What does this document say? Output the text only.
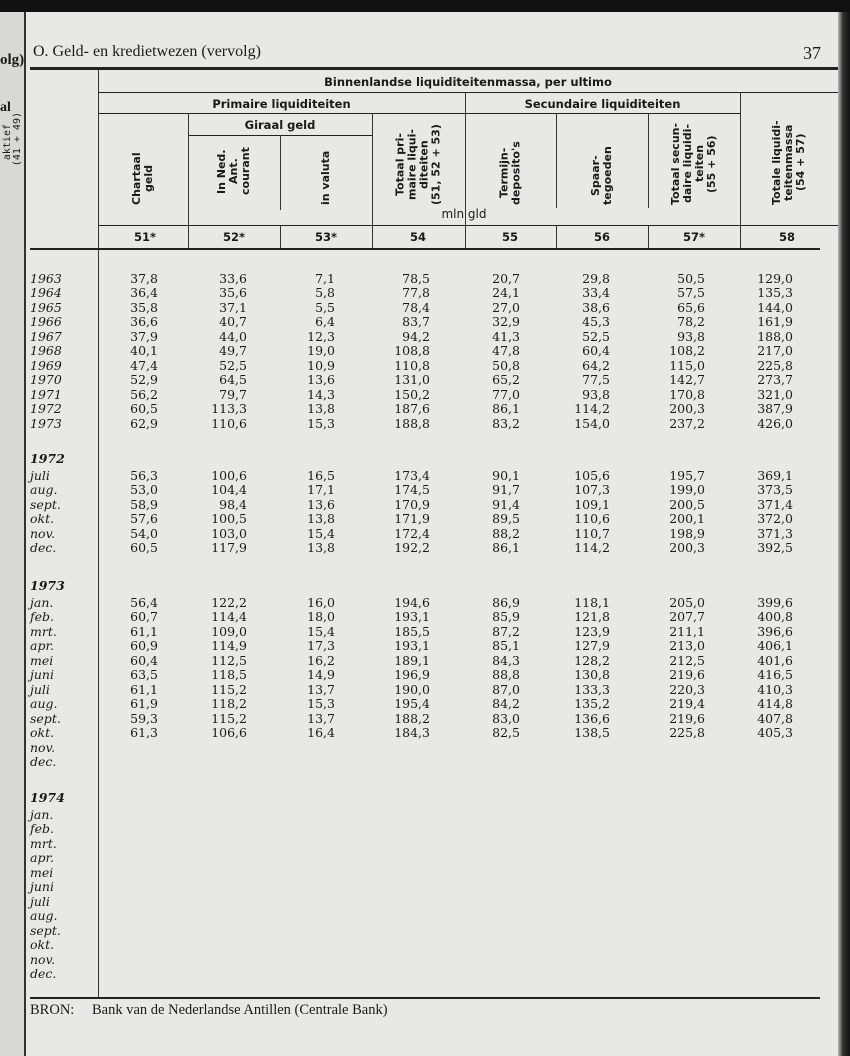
olg)
al
aktief (41 + 49)
O. Geld- en kredietwezen (vervolg)	37
Binnenlandse liquiditeitenmassa, per ultimo
Primaire liquiditeiten	Secundaire liquiditeiten
Giraal geld
mln gld
Chartaal
geld
51*
In Ned. Ant.
courant
52*
in valuta
53*
Totaal pri-
maire liqui-
diteiten
(51, 52 + 53)
54
Termijn-
deposito's
55
Spaar-
tegoeden
56
Totaal secun-
daire liquidi-
teiten
(55 + 56)
57*
Totale liquidi-
teitenmassa
(54 + 57)
58
1963	37,8	33,6	7,1	78,5	20,7	29,8	50,5	129,0
1964	36,4	35,6	5,8	77,8	24,1	33,4	57,5	135,3
1965	35,8	37,1	5,5	78,4	27,0	38,6	65,6	144,0
1966	36,6	40,7	6,4	83,7	32,9	45,3	78,2	161,9
1967	37,9	44,0	12,3	94,2	41,3	52,5	93,8	188,0
1968	40,1	49,7	19,0	108,8	47,8	60,4	108,2	217,0
1969	47,4	52,5	10,9	110,8	50,8	64,2	115,0	225,8
1970	52,9	64,5	13,6	131,0	65,2	77,5	142,7	273,7
1971	56,2	79,7	14,3	150,2	77,0	93,8	170,8	321,0
1972	60,5	113,3	13,8	187,6	86,1	114,2	200,3	387,9
1973	62,9	110,6	15,3	188,8	83,2	154,0	237,2	426,0
1972
juli	56,3	100,6	16,5	173,4	90,1	105,6	195,7	369,1
aug.	53,0	104,4	17,1	174,5	91,7	107,3	199,0	373,5
sept.	58,9	98,4	13,6	170,9	91,4	109,1	200,5	371,4
okt.	57,6	100,5	13,8	171,9	89,5	110,6	200,1	372,0
nov.	54,0	103,0	15,4	172,4	88,2	110,7	198,9	371,3
dec.	60,5	117,9	13,8	192,2	86,1	114,2	200,3	392,5
1973
jan.	56,4	122,2	16,0	194,6	86,9	118,1	205,0	399,6
feb.	60,7	114,4	18,0	193,1	85,9	121,8	207,7	400,8
mrt.	61,1	109,0	15,4	185,5	87,2	123,9	211,1	396,6
apr.	60,9	114,9	17,3	193,1	85,1	127,9	213,0	406,1
mei	60,4	112,5	16,2	189,1	84,3	128,2	212,5	401,6
juni	63,5	118,5	14,9	196,9	88,8	130,8	219,6	416,5
juli	61,1	115,2	13,7	190,0	87,0	133,3	220,3	410,3
aug.	61,9	118,2	15,3	195,4	84,2	135,2	219,4	414,8
sept.	59,3	115,2	13,7	188,2	83,0	136,6	219,6	407,8
okt.	61,3	106,6	16,4	184,3	82,5	138,5	225,8	405,3
nov.
dec.
1974
jan.
feb.
mrt.
apr.
mei
juni
juli
aug.
sept.
okt.
nov.
dec.
BRON: Bank van de Nederlandse Antillen (Centrale Bank)
